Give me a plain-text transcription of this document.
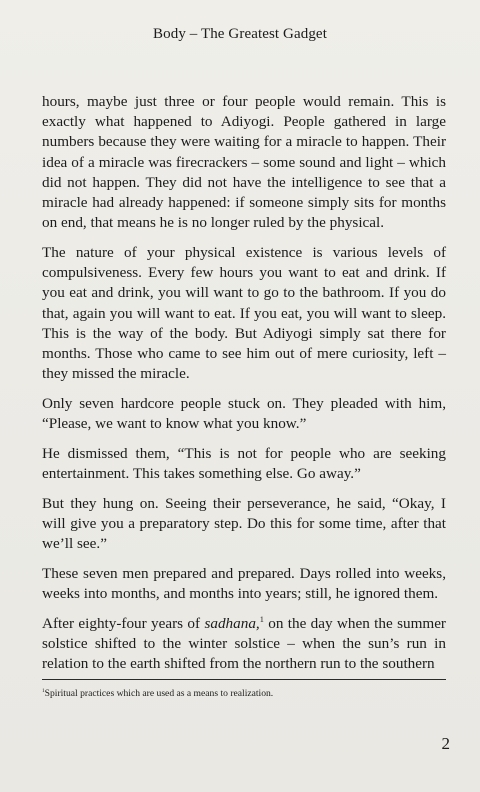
Body – The Greatest Gadget

hours, maybe just three or four people would remain. This is exactly what happened to Adiyogi. People gathered in large numbers because they were waiting for a miracle to happen. Their idea of a miracle was firecrackers – some sound and light – which did not happen. They did not have the intelligence to see that a miracle had already happened: if someone simply sits for months on end, that means he is no longer ruled by the physical.

The nature of your physical existence is various levels of compulsiveness. Every few hours you want to eat and drink. If you eat and drink, you will want to go to the bathroom. If you do that, again you will want to eat. If you eat, you will want to sleep. This is the way of the body. But Adiyogi simply sat there for months. Those who came to see him out of mere curiosity, left – they missed the miracle.

Only seven hardcore people stuck on. They pleaded with him, “Please, we want to know what you know.”

He dismissed them, “This is not for people who are seeking entertainment. This takes something else. Go away.”

But they hung on. Seeing their perseverance, he said, “Okay, I will give you a preparatory step. Do this for some time, after that we’ll see.”

These seven men prepared and prepared. Days rolled into weeks, weeks into months, and months into years; still, he ignored them.

After eighty-four years of sadhana,$^1$ on the day when the summer solstice shifted to the winter solstice – when the sun’s run in relation to the earth shifted from the northern run to the southern

$^1$Spiritual practices which are used as a means to realization.
2
